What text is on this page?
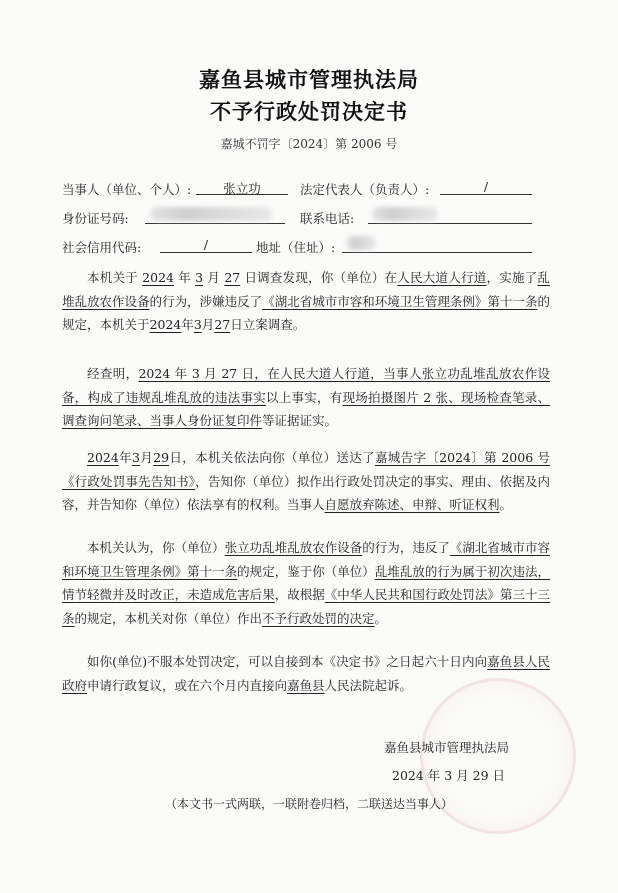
嘉鱼县城市管理执法局
不予行政处罚决定书
嘉城不罚字〔2024〕第 2006 号
当事人（单位、个人）:	张立功	法定代表人（负责人）:	/
身份证号码:	联系电话:
社会信用代码:	/	地址（住址）:
本机关于 2024 年 3 月 27 日调查发现，你（单位）在人民大道人行道，实施了乱堆乱放农作设备的行为，涉嫌违反了《湖北省城市市容和环境卫生管理条例》第十一条的规定，本机关于2024年3月27日立案调查。
经查明，2024 年 3 月 27 日，在人民大道人行道，当事人张立功乱堆乱放农作设备，构成了违规乱堆乱放的违法事实以上事实，有现场拍摄图片 2 张、现场检查笔录、调查询问笔录、当事人身份证复印件等证据证实。
2024年3月29日，本机关依法向你（单位）送达了嘉城告字〔2024〕第 2006 号《行政处罚事先告知书》，告知你（单位）拟作出行政处罚决定的事实、理由、依据及内容，并告知你（单位）依法享有的权利。当事人自愿放弃陈述、申辩、听证权利。
本机关认为，你（单位）张立功乱堆乱放农作设备的行为，违反了《湖北省城市市容和环境卫生管理条例》第十一条的规定，鉴于你（单位）乱堆乱放的行为属于初次违法，情节轻微并及时改正，未造成危害后果，故根据《中华人民共和国行政处罚法》第三十三条的规定，本机关对你（单位）作出不予行政处罚的决定。
如你(单位)不服本处罚决定，可以自接到本《决定书》之日起六十日内向嘉鱼县人民政府申请行政复议，或在六个月内直接向嘉鱼县人民法院起诉。
嘉鱼县城市管理执法局
2024 年 3 月 29 日
（本文书一式两联，一联附卷归档，二联送达当事人）
